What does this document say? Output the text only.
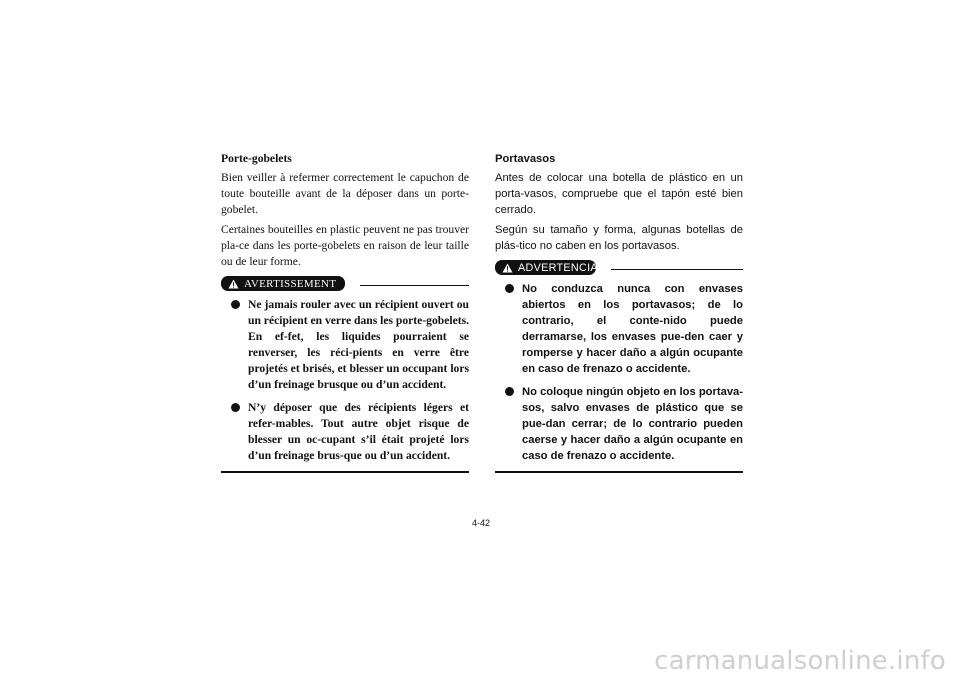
Porte-gobelets

Bien veiller à refermer correctement le capuchon de toute bouteille avant de la déposer dans un porte-gobelet.

Certaines bouteilles en plastic peuvent ne pas trouver pla-ce dans les porte-gobelets en raison de leur taille ou de leur forme.

AVERTISSEMENT
Ne jamais rouler avec un récipient ouvert ou un récipient en verre dans les porte-gobelets. En ef-fet, les liquides pourraient se renverser, les réci-pients en verre être projetés et brisés, et blesser un occupant lors d’un freinage brusque ou d’un accident.
N’y déposer que des récipients légers et refer-mables. Tout autre objet risque de blesser un oc-cupant s’il était projeté lors d’un freinage brus-que ou d’un accident.
Portavasos

Antes de colocar una botella de plástico en un porta-vasos, compruebe que el tapón esté bien cerrado.

Según su tamaño y forma, algunas botellas de plás-tico no caben en los portavasos.

ADVERTENCIA
No conduzca nunca con envases abiertos en los portavasos; de lo contrario, el conte-nido puede derramarse, los envases pue-den caer y romperse y hacer daño a algún ocupante en caso de frenazo o accidente.
No coloque ningún objeto en los portava-sos, salvo envases de plástico que se pue-dan cerrar; de lo contrario pueden caerse y hacer daño a algún ocupante en caso de frenazo o accidente.
4-42
carmanualsonline.info
